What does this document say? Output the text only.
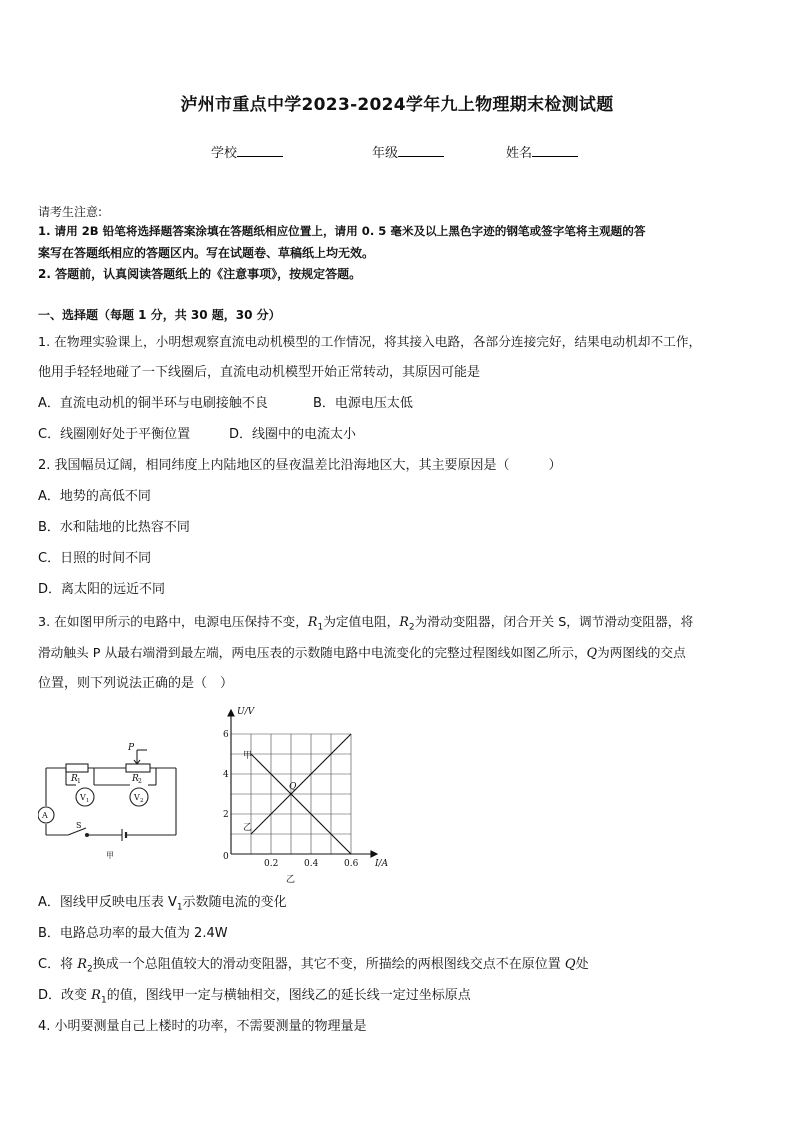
泸州市重点中学2023-2024学年九上物理期末检测试题
学校	年级	姓名
请考生注意:
1. 请用 2B 铅笔将选择题答案涂填在答题纸相应位置上，请用 0. 5 毫米及以上黑色字迹的钢笔或签字笔将主观题的答
案写在答题纸相应的答题区内。写在试题卷、草稿纸上均无效。
2. 答题前，认真阅读答题纸上的《注意事项》，按规定答题。
一、选择题（每题 1 分，共 30 题，30 分）
1. 在物理实验课上，小明想观察直流电动机模型的工作情况，将其接入电路，各部分连接完好，结果电动机却不工作，
他用手轻轻地碰了一下线圈后，直流电动机模型开始正常转动，其原因可能是
A．直流电动机的铜半环与电刷接触不良	B．电源电压太低
C．线圈刚好处于平衡位置	D．线圈中的电流太小
2. 我国幅员辽阔，相同纬度上内陆地区的昼夜温差比沿海地区大，其主要原因是（　　　）
A．地势的高低不同
B．水和陆地的比热容不同
C．日照的时间不同
D．离太阳的远近不同
3. 在如图甲所示的电路中，电源电压保持不变，$R_1$为定值电阻，$R_2$为滑动变阻器，闭合开关 S，调节滑动变阻器，将
滑动触头 P 从最右端滑到最左端，两电压表的示数随电路中电流变化的完整过程图线如图乙所示，Q为两图线的交点
位置，则下列说法正确的是（　）
P
R 1	R 2
V 1	V 2
A
S
甲
0.2	0.4	0.6
2
4
6
0
I/A
U/V
甲
乙
Q
乙
A．图线甲反映电压表 $V_1$示数随电流的变化
B．电路总功率的最大值为 2.4W
C．将 $R_2$换成一个总阻值较大的滑动变阻器，其它不变，所描绘的两根图线交点不在原位置 Q处
D．改变 $R_1$的值，图线甲一定与横轴相交，图线乙的延长线一定过坐标原点
4. 小明要测量自己上楼时的功率，不需要测量的物理量是
